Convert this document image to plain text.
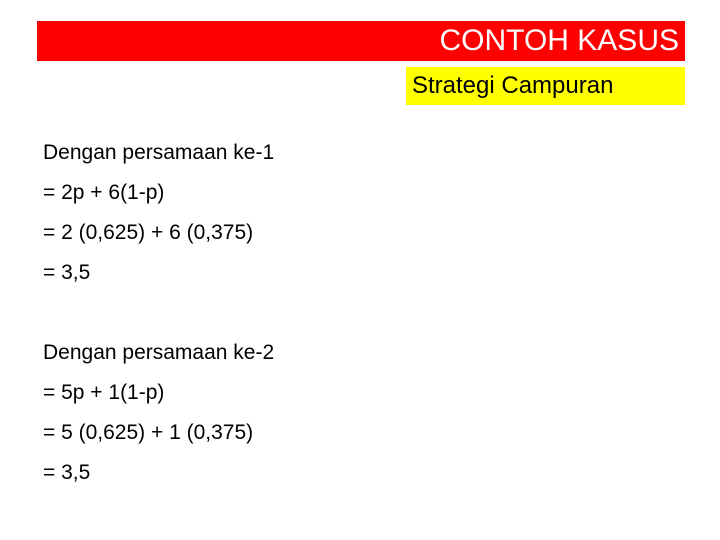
CONTOH KASUS
Strategi Campuran
Dengan persamaan ke-1
= 2p + 6(1-p)
= 2 (0,625) + 6 (0,375)
= 3,5
Dengan persamaan ke-2
= 5p + 1(1-p)
= 5 (0,625) + 1 (0,375)
= 3,5
